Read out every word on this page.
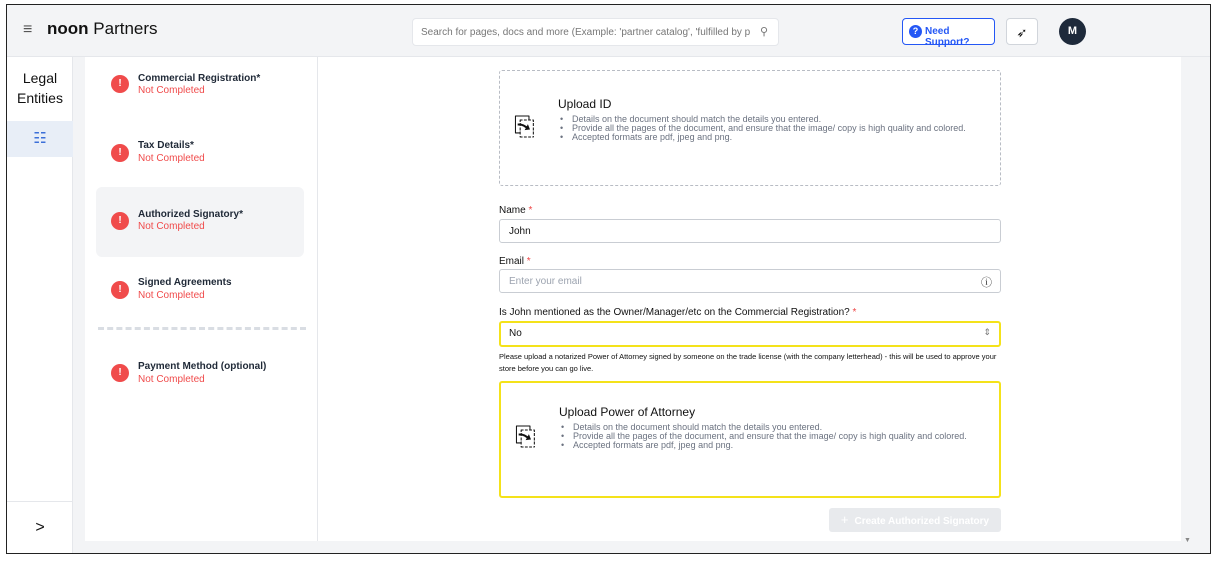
≡ noon Partners	Search for pages, docs and more (Example: 'partner catalog', 'fulfilled by p ⚲	? Need Support?
➶	M
Legal Entities
☷
>
!	Commercial Registration*
Not Completed
!
Tax Details*
Not Completed
!
Authorized Signatory*
Not Completed
!
Signed Agreements
Not Completed
!
Payment Method (optional)
Not Completed
⎘
Upload ID
• Details on the document should match the details you entered.
• Provide all the pages of the document, and ensure that the image/ copy is high quality and colored.
• Accepted formats are pdf, jpeg and png.
Name *
John
Email *
Enter your email	ⓘ
Is John mentioned as the Owner/Manager/etc on the Commercial Registration? *
No	⇕
Please upload a notarized Power of Attorney signed by someone on the trade license (with the company letterhead) - this will be used to approve your store before you can go live.
⎘
Upload Power of Attorney
• Details on the document should match the details you entered.
• Provide all the pages of the document, and ensure that the image/ copy is high quality and colored.
• Accepted formats are pdf, jpeg and png.
+ Create Authorized Signatory
▼
